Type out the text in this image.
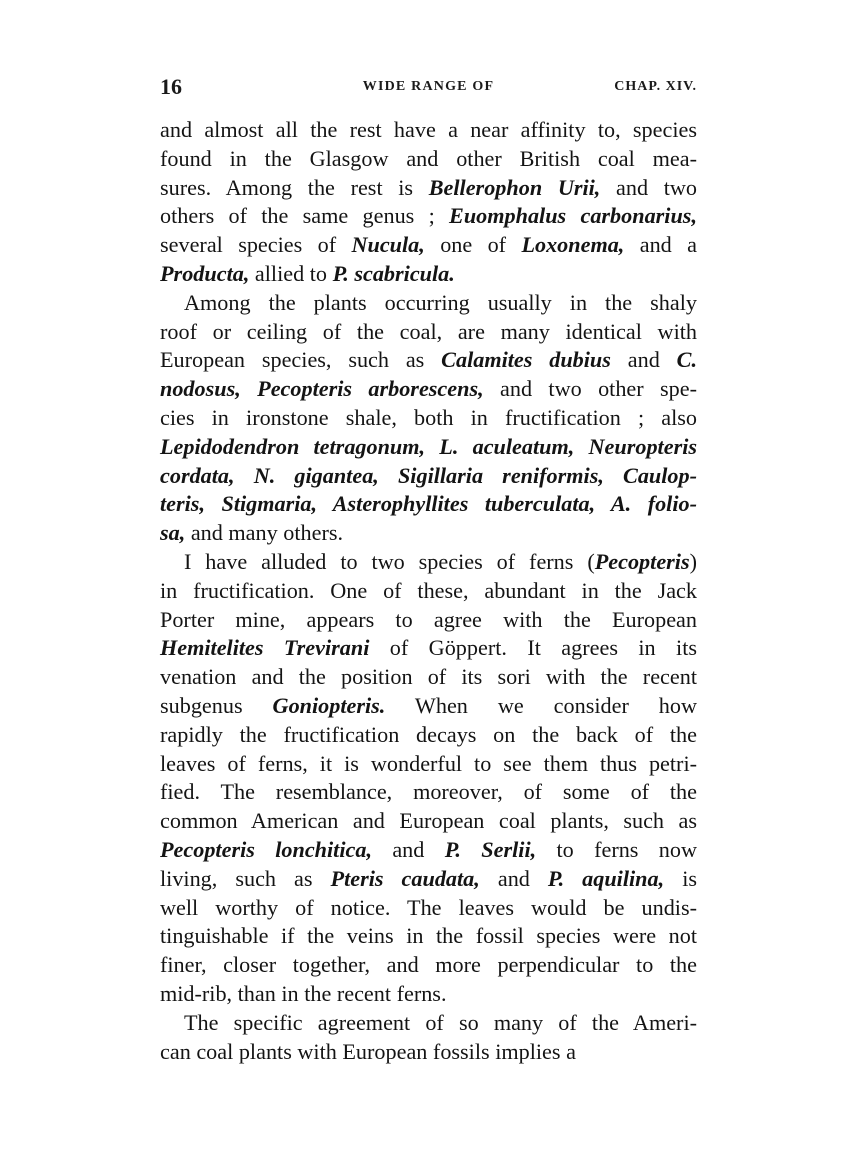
16	WIDE RANGE OF	CHAP. XIV.
and almost all the rest have a near affinity to, species
found in the Glasgow and other British coal mea-
sures. Among the rest is Bellerophon Urii, and two
others of the same genus ; Euomphalus carbonarius,
several species of Nucula, one of Loxonema, and a
Producta, allied to P. scabricula.
Among the plants occurring usually in the shaly
roof or ceiling of the coal, are many identical with
European species, such as Calamites dubius and C.
nodosus, Pecopteris arborescens, and two other spe-
cies in ironstone shale, both in fructification ; also
Lepidodendron tetragonum, L. aculeatum, Neuropteris
cordata, N. gigantea, Sigillaria reniformis, Caulop-
teris, Stigmaria, Asterophyllites tuberculata, A. folio-
sa, and many others.
I have alluded to two species of ferns (Pecopteris)
in fructification. One of these, abundant in the Jack
Porter mine, appears to agree with the European
Hemitelites Trevirani of Göppert. It agrees in its
venation and the position of its sori with the recent
subgenus Goniopteris. When we consider how
rapidly the fructification decays on the back of the
leaves of ferns, it is wonderful to see them thus petri-
fied. The resemblance, moreover, of some of the
common American and European coal plants, such as
Pecopteris lonchitica, and P. Serlii, to ferns now
living, such as Pteris caudata, and P. aquilina, is
well worthy of notice. The leaves would be undis-
tinguishable if the veins in the fossil species were not
finer, closer together, and more perpendicular to the
mid-rib, than in the recent ferns.
The specific agreement of so many of the Ameri-
can coal plants with European fossils implies a
